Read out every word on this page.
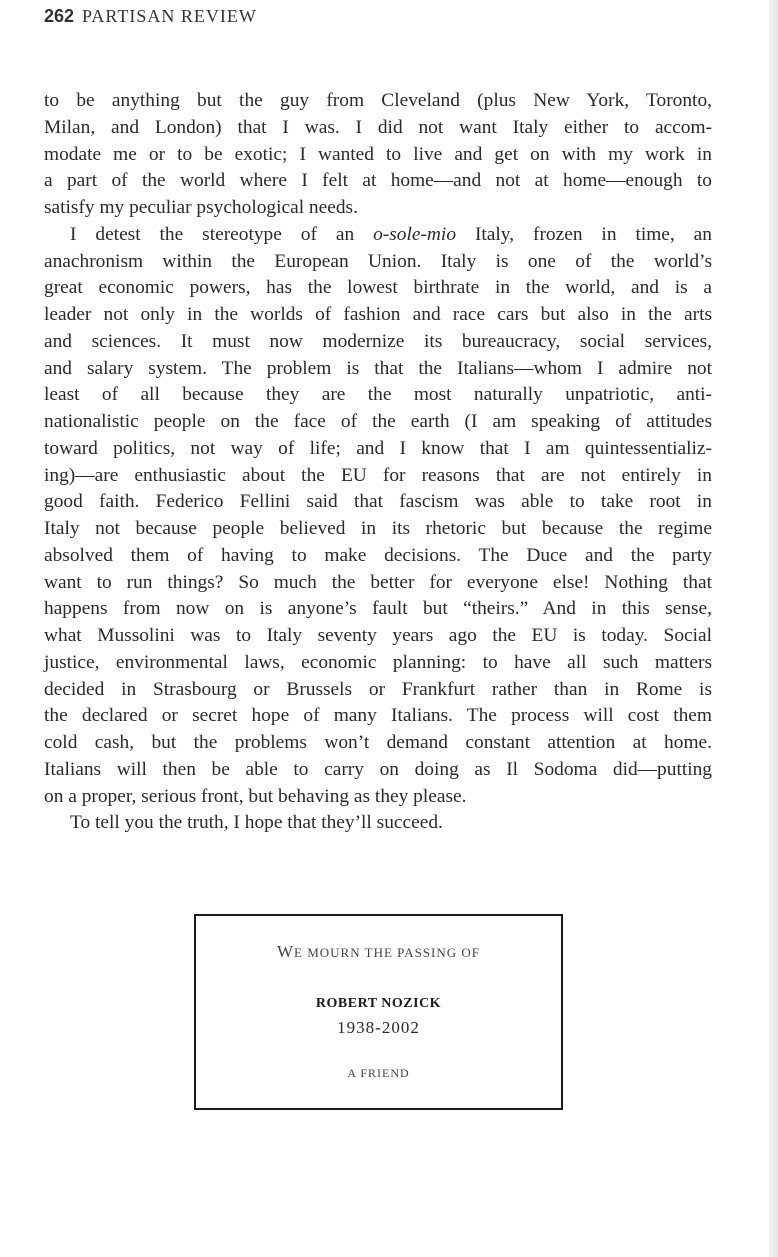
262 PARTISAN REVIEW
to be anything but the guy from Cleveland (plus New York, Toronto,
Milan, and London) that I was. I did not want Italy either to accom-
modate me or to be exotic; I wanted to live and get on with my work in
a part of the world where I felt at home—and not at home—enough to
satisfy my peculiar psychological needs.
I detest the stereotype of an o-sole-mio Italy, frozen in time, an
anachronism within the European Union. Italy is one of the world’s
great economic powers, has the lowest birthrate in the world, and is a
leader not only in the worlds of fashion and race cars but also in the arts
and sciences. It must now modernize its bureaucracy, social services,
and salary system. The problem is that the Italians—whom I admire not
least of all because they are the most naturally unpatriotic, anti-
nationalistic people on the face of the earth (I am speaking of attitudes
toward politics, not way of life; and I know that I am quintessentializ-
ing)—are enthusiastic about the EU for reasons that are not entirely in
good faith. Federico Fellini said that fascism was able to take root in
Italy not because people believed in its rhetoric but because the regime
absolved them of having to make decisions. The Duce and the party
want to run things? So much the better for everyone else! Nothing that
happens from now on is anyone’s fault but “theirs.” And in this sense,
what Mussolini was to Italy seventy years ago the EU is today. Social
justice, environmental laws, economic planning: to have all such matters
decided in Strasbourg or Brussels or Frankfurt rather than in Rome is
the declared or secret hope of many Italians. The process will cost them
cold cash, but the problems won’t demand constant attention at home.
Italians will then be able to carry on doing as Il Sodoma did—putting
on a proper, serious front, but behaving as they please.
To tell you the truth, I hope that they’ll succeed.
WE MOURN THE PASSING OF
ROBERT NOZICK
1938-2002
A FRIEND
